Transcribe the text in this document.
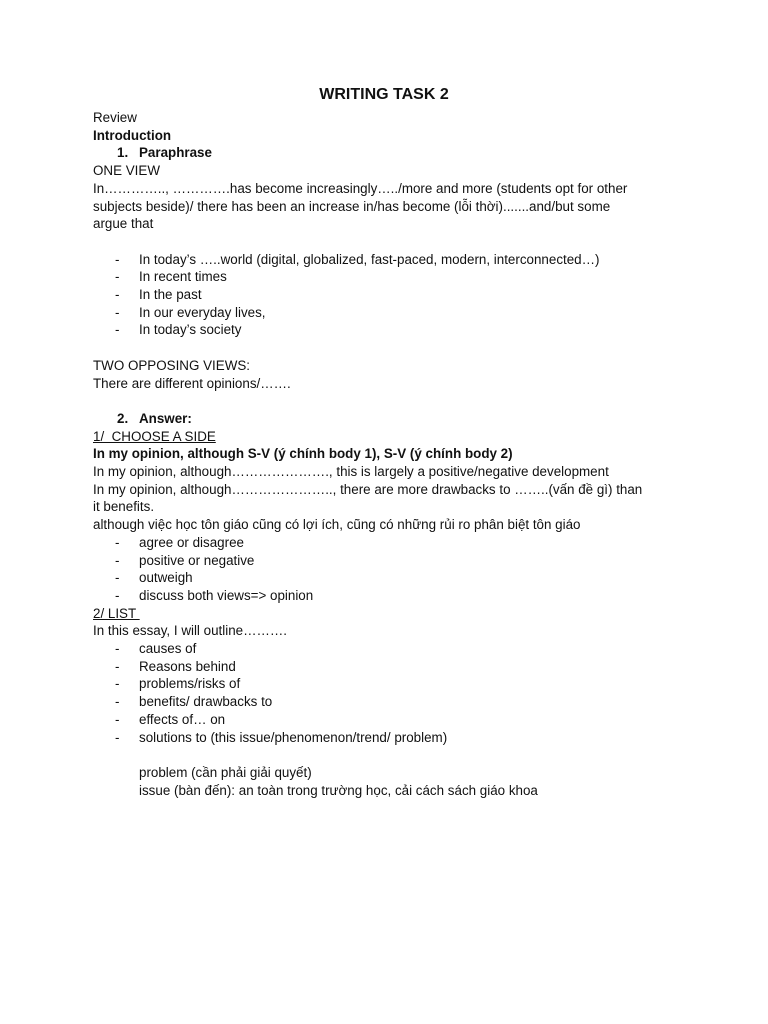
WRITING TASK 2
Review
Introduction
1. Paraphrase
ONE VIEW
In………….., ………….has become increasingly…../more and more (students opt for other
subjects beside)/ there has been an increase in/has become (lỗi thời).......and/but some
argue that
-	In today’s …..world (digital, globalized, fast-paced, modern, interconnected…)
-	In recent times
-	In the past
-	In our everyday lives,
-	In today’s society
TWO OPPOSING VIEWS:
There are different opinions/…….
2. Answer:
1/  CHOOSE A SIDE
In my opinion, although S-V (ý chính body 1), S-V (ý chính body 2)
In my opinion, although…………………., this is largely a positive/negative development
In my opinion, although………………….., there are more drawbacks to ……..(vấn đề gì) than
it benefits.
although việc học tôn giáo cũng có lợi ích, cũng có những rủi ro phân biệt tôn giáo
-	agree or disagree
-	positive or negative
-	outweigh
-	discuss both views=> opinion
2/ LIST
In this essay, I will outline……….
-	causes of
-	Reasons behind
-	problems/risks of
-	benefits/ drawbacks to
-	effects of… on
-	solutions to (this issue/phenomenon/trend/ problem)
problem (cần phải giải quyết)
issue (bàn đến): an toàn trong trường học, cải cách sách giáo khoa
